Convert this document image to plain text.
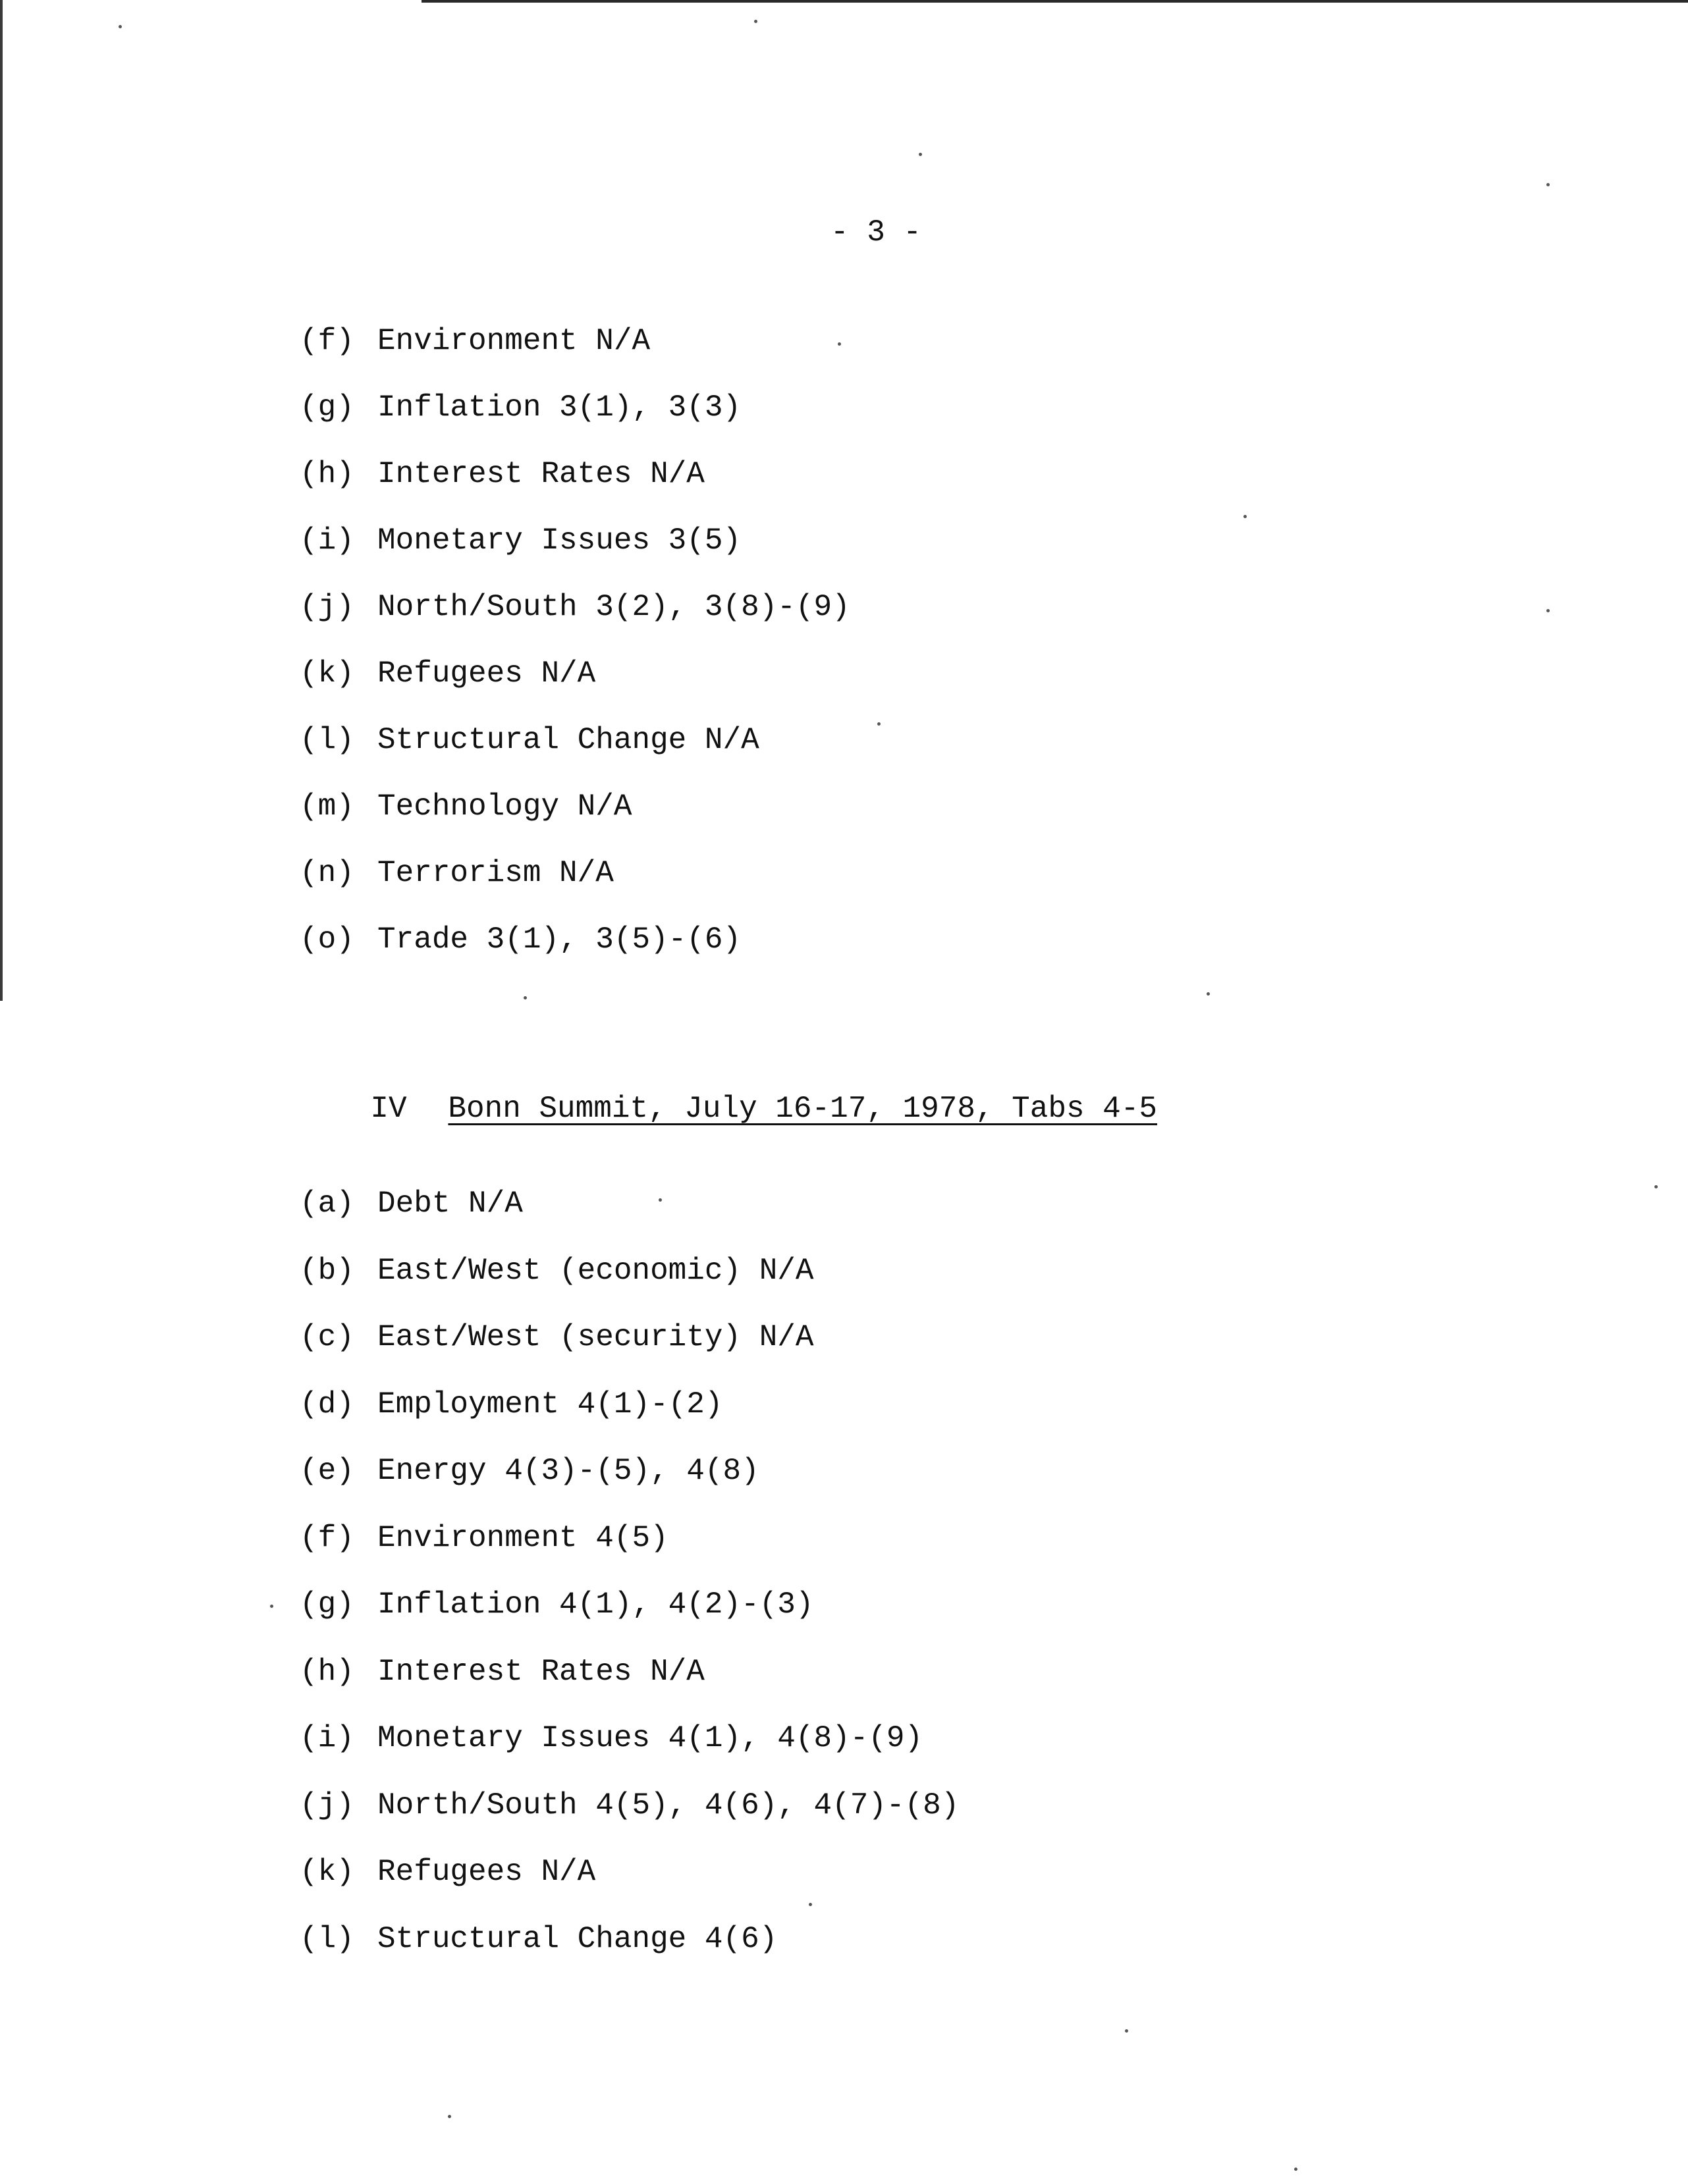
- 3 -
(f) Environment N/A
(g) Inflation 3(1), 3(3)
(h) Interest Rates N/A
(i) Monetary Issues 3(5)
(j) North/South 3(2), 3(8)-(9)
(k) Refugees N/A
(l) Structural Change N/A
(m) Technology N/A
(n) Terrorism N/A
(o) Trade 3(1), 3(5)-(6)

IV Bonn Summit, July 16-17, 1978, Tabs 4-5

(a) Debt N/A
(b) East/West (economic) N/A
(c) East/West (security) N/A
(d) Employment 4(1)-(2)
(e) Energy 4(3)-(5), 4(8)
(f) Environment 4(5)
(g) Inflation 4(1), 4(2)-(3)
(h) Interest Rates N/A
(i) Monetary Issues 4(1), 4(8)-(9)
(j) North/South 4(5), 4(6), 4(7)-(8)
(k) Refugees N/A
(l) Structural Change 4(6)
